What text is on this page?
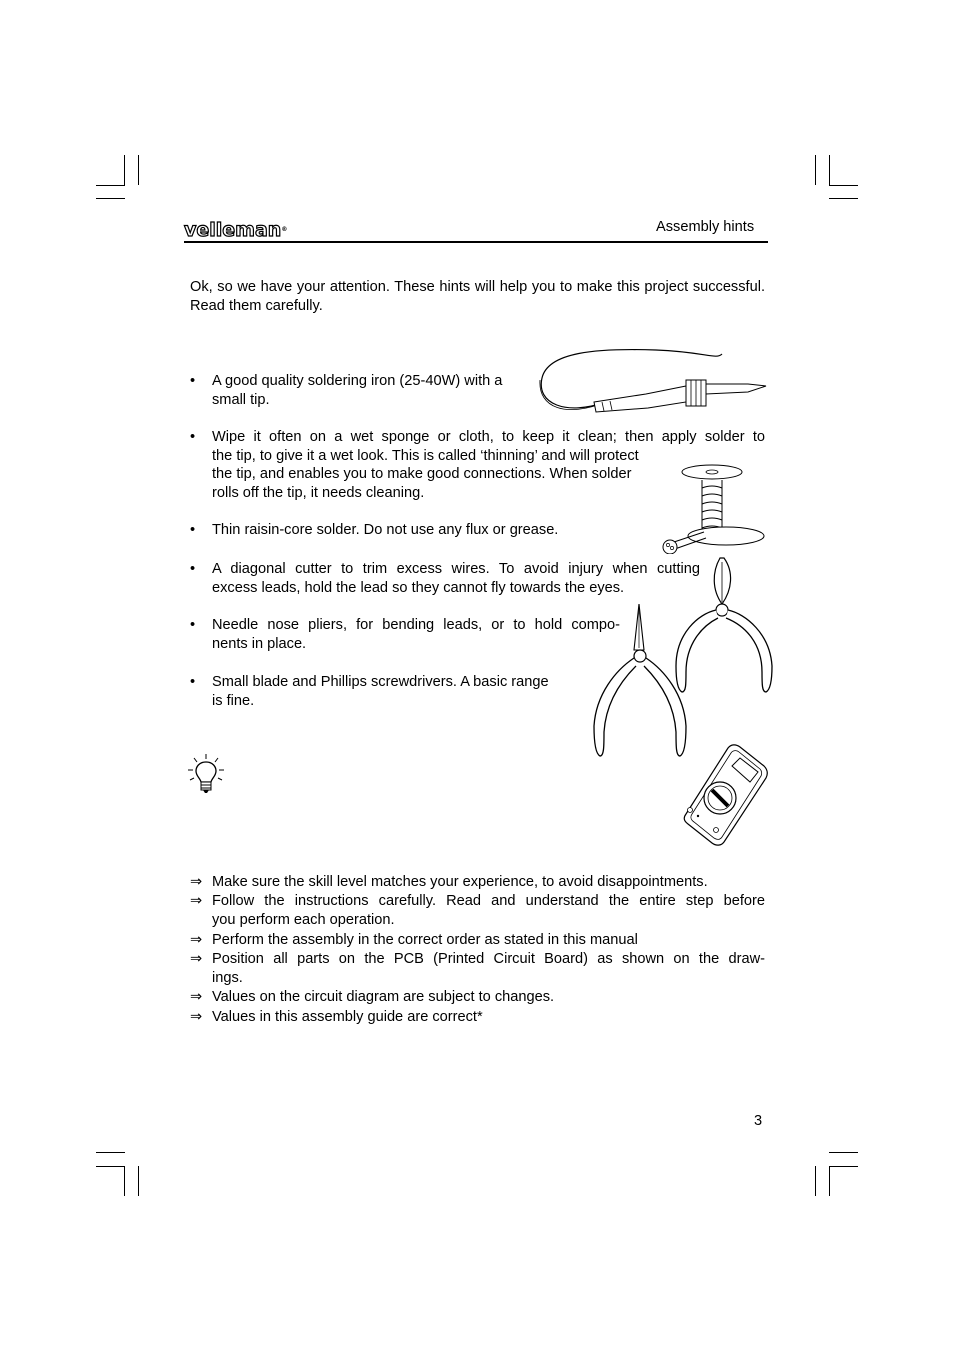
velleman®	Assembly hints
Ok, so we have your attention. These hints will help you to make this project successful. Read them carefully.
• A good quality soldering iron (25-40W) with a
small tip.
• Wipe it often on a wet sponge or cloth, to keep it clean; then apply solder to
the tip, to give it a wet look. This is called ‘thinning’ and will protect
the tip, and enables you to make good connections. When solder
rolls off the tip, it needs cleaning.
• Thin raisin-core solder. Do not use any flux or grease.
• A diagonal cutter to trim excess wires. To avoid injury when cutting
excess leads, hold the lead so they cannot fly towards the eyes.
• Needle nose pliers, for bending leads, or to hold compo-
nents in place.
• Small blade and Phillips screwdrivers. A basic range
is fine.
⇒ Make sure the skill level matches your experience, to avoid disappointments.
⇒ Follow the instructions carefully. Read and understand the entire step before
you perform each operation.
⇒ Perform the assembly in the correct order as stated in this manual
⇒ Position all parts on the PCB (Printed Circuit Board) as shown on the draw-
ings.
⇒ Values on the circuit diagram are subject to changes.
⇒ Values in this assembly guide are correct*
3
